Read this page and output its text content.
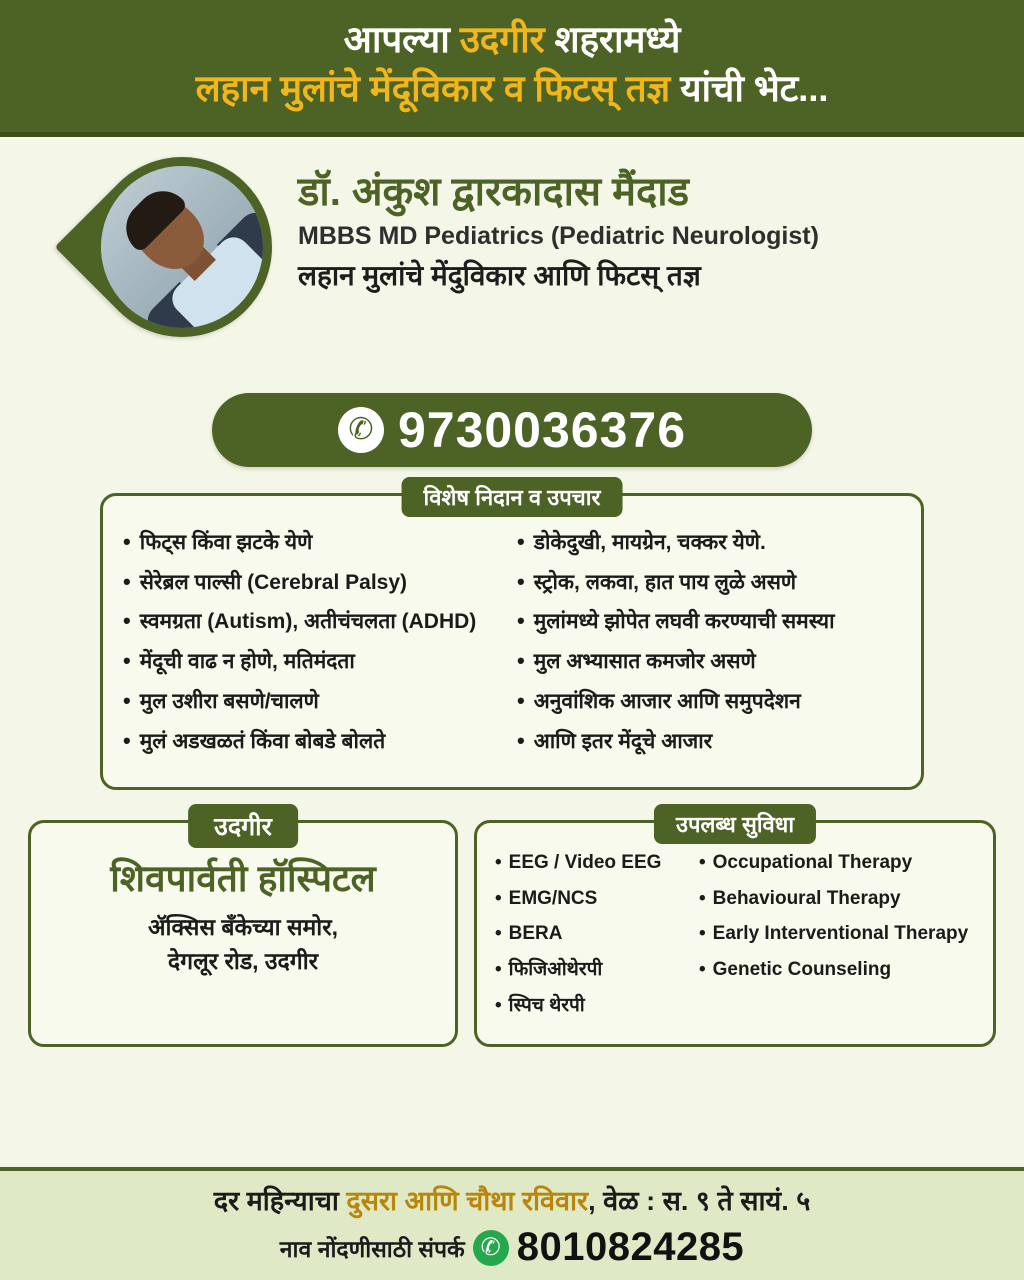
आपल्या उदगीर शहरामध्ये
लहान मुलांचे मेंदूविकार व फिटस् तज्ञ यांची भेट...
डॉ. अंकुश द्वारकादास मैंदाड
MBBS MD Pediatrics (Pediatric Neurologist)
लहान मुलांचे मेंदुविकार आणि फिटस् तज्ञ
✆ 9730036376
विशेष निदान व उपचार
• फिट्स किंवा झटके येणे
• सेरेब्रल पाल्सी (Cerebral Palsy)
• स्वमग्रता (Autism), अतीचंचलता (ADHD)
• मेंदूची वाढ न होणे, मतिमंदता
• मुल उशीरा बसणे/चालणे
• मुलं अडखळतं किंवा बोबडे बोलते
• डोकेदुखी, मायग्रेन, चक्कर येणे.
• स्ट्रोक, लकवा, हात पाय लुळे असणे
• मुलांमध्ये झोपेत लघवी करण्याची समस्या
• मुल अभ्यासात कमजोर असणे
• अनुवांशिक आजार आणि समुपदेशन
• आणि इतर मेंदूचे आजार
उदगीर
शिवपार्वती हॉस्पिटल
ॲक्सिस बँकेच्या समोर,
देगलूर रोड, उदगीर
उपलब्ध सुविधा
• EEG / Video EEG
• EMG/NCS
• BERA
• फिजिओथेरपी
• स्पिच थेरपी
• Occupational Therapy
• Behavioural Therapy
• Early Interventional Therapy
• Genetic Counseling
दर महिन्याचा दुसरा आणि चौथा रविवार, वेळ : स. ९ ते सायं. ५
नाव नोंदणीसाठी संपर्क ✆ 8010824285
